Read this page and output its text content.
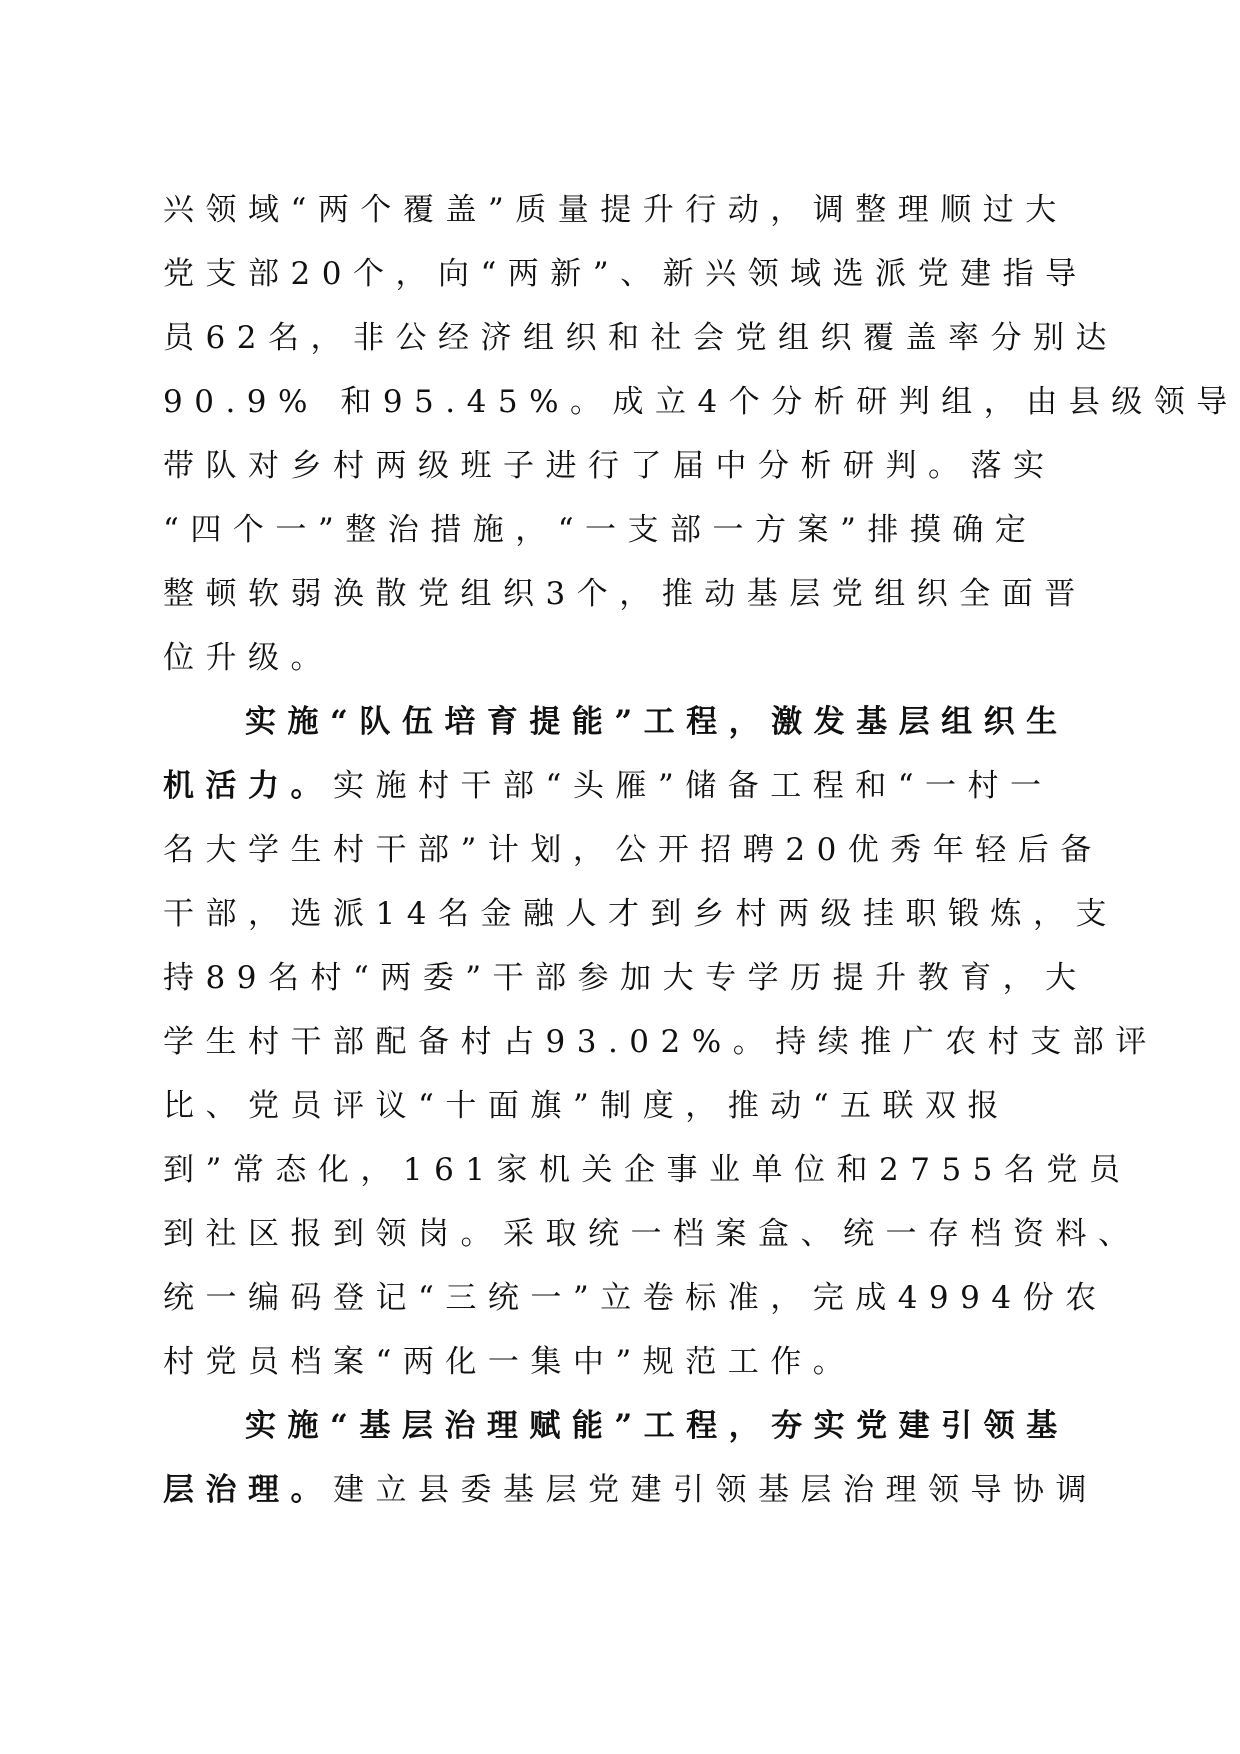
兴领域“两个覆盖”质量提升行动，调整理顺过大
党支部20个，向“两新”、新兴领域选派党建指导
员62名，非公经济组织和社会党组织覆盖率分别达
90.9% 和95.45%。成立4个分析研判组，由县级领导
带队对乡村两级班子进行了届中分析研判。落实
“四个一”整治措施，“一支部一方案”排摸确定
整顿软弱涣散党组织3个，推动基层党组织全面晋
位升级。
实施“队伍培育提能”工程，激发基层组织生
机活力。实施村干部“头雁”储备工程和“一村一
名大学生村干部”计划，公开招聘20优秀年轻后备
干部，选派14名金融人才到乡村两级挂职锻炼，支
持89名村“两委”干部参加大专学历提升教育，大
学生村干部配备村占93.02%。持续推广农村支部评
比、党员评议“十面旗”制度，推动“五联双报
到”常态化，161家机关企事业单位和2755名党员
到社区报到领岗。采取统一档案盒、统一存档资料、
统一编码登记“三统一”立卷标准，完成4994份农
村党员档案“两化一集中”规范工作。
实施“基层治理赋能”工程，夯实党建引领基
层治理。建立县委基层党建引领基层治理领导协调
